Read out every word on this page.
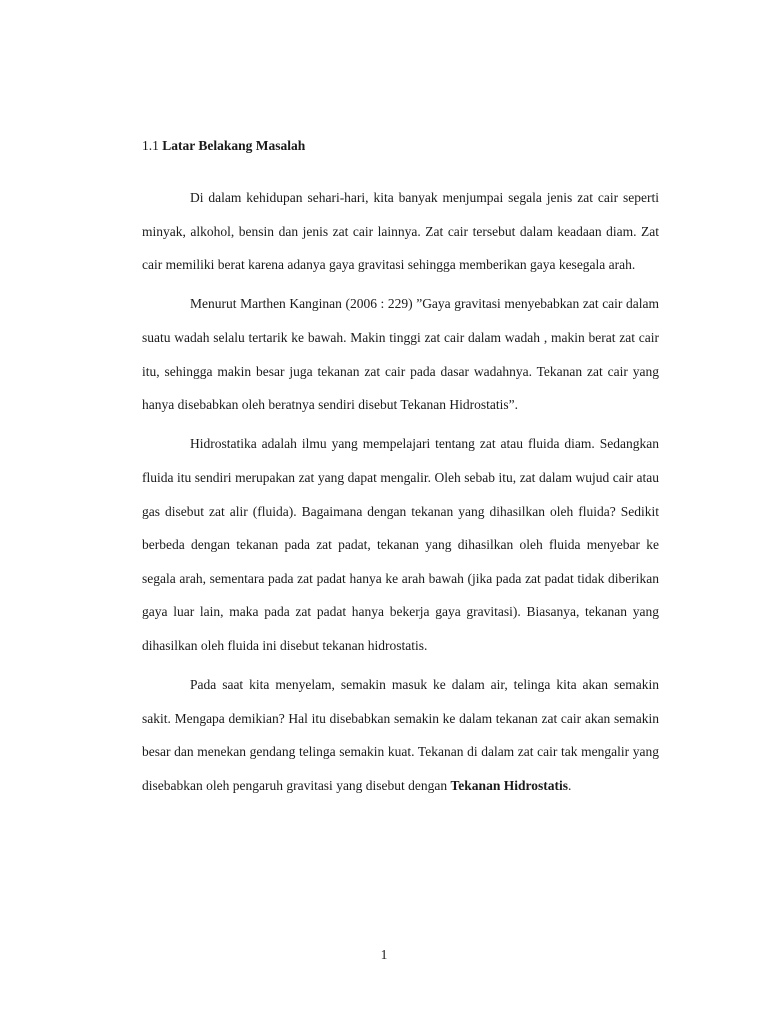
1.1 Latar Belakang Masalah

Di dalam kehidupan sehari-hari, kita banyak menjumpai segala jenis zat cair seperti minyak, alkohol, bensin dan jenis zat cair lainnya. Zat cair tersebut dalam keadaan diam. Zat cair memiliki berat karena adanya gaya gravitasi sehingga memberikan gaya kesegala arah.

Menurut Marthen Kanginan (2006 : 229) ”Gaya gravitasi menyebabkan zat cair dalam suatu wadah selalu tertarik ke bawah. Makin tinggi zat cair dalam wadah , makin berat zat cair itu, sehingga makin besar juga tekanan zat cair pada dasar wadahnya. Tekanan zat cair yang hanya disebabkan oleh beratnya sendiri disebut Tekanan Hidrostatis”.

Hidrostatika adalah ilmu yang mempelajari tentang zat atau fluida diam. Sedangkan fluida itu sendiri merupakan zat yang dapat mengalir. Oleh sebab itu, zat dalam wujud cair atau gas disebut zat alir (fluida). Bagaimana dengan tekanan yang dihasilkan oleh fluida? Sedikit berbeda dengan tekanan pada zat padat, tekanan yang dihasilkan oleh fluida menyebar ke segala arah, sementara pada zat padat hanya ke arah bawah (jika pada zat padat tidak diberikan gaya luar lain, maka pada zat padat hanya bekerja gaya gravitasi). Biasanya, tekanan yang dihasilkan oleh fluida ini disebut tekanan hidrostatis.

Pada saat kita menyelam, semakin masuk ke dalam air, telinga kita akan semakin sakit. Mengapa demikian? Hal itu disebabkan semakin ke dalam tekanan zat cair akan semakin besar dan menekan gendang telinga semakin kuat. Tekanan di dalam zat cair tak mengalir yang disebabkan oleh pengaruh gravitasi yang disebut dengan Tekanan Hidrostatis.

1
